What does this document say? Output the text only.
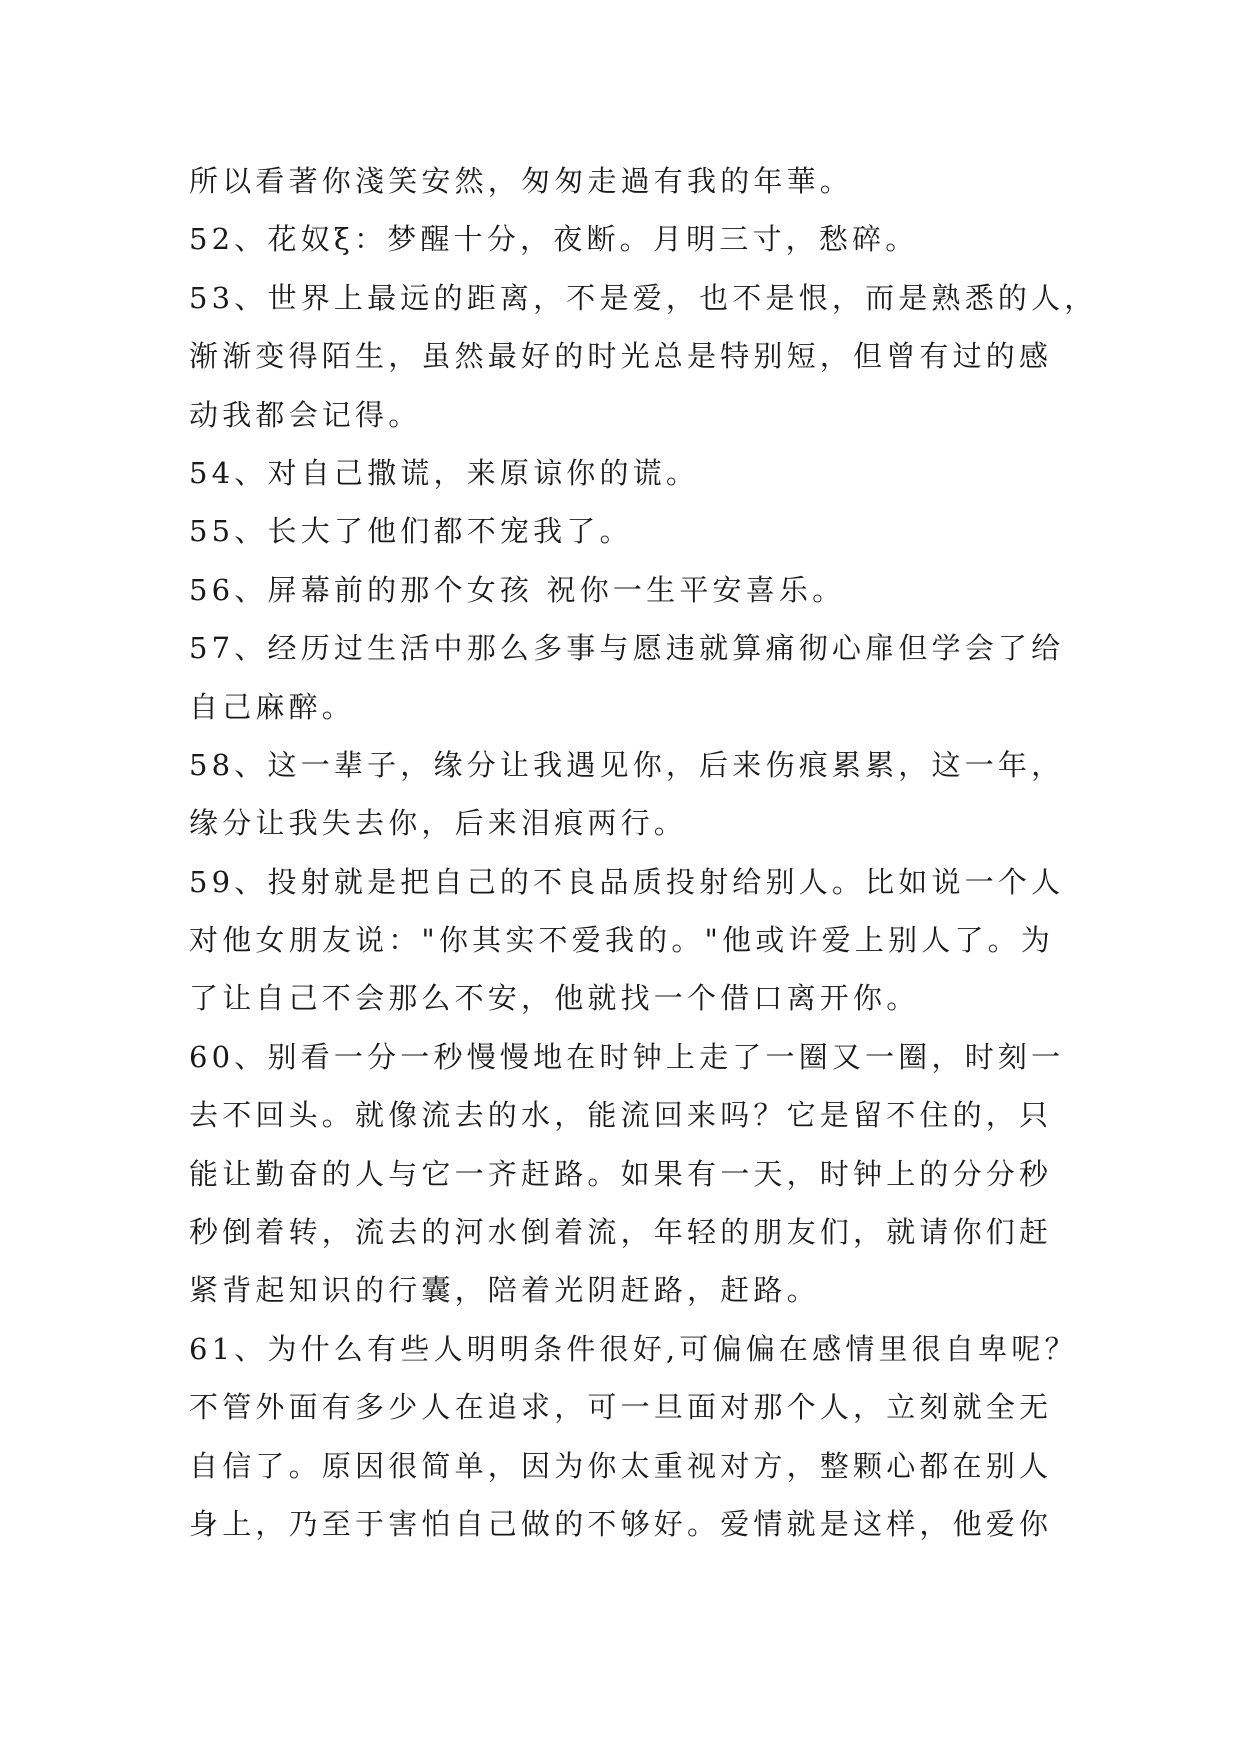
所以看著你淺笑安然，匆匆走過有我的年華。
52、花奴ξ：梦醒十分，夜断。月明三寸，愁碎。
53、世界上最远的距离，不是爱，也不是恨，而是熟悉的人，
渐渐变得陌生，虽然最好的时光总是特别短，但曾有过的感
动我都会记得。
54、对自己撒谎，来原谅你的谎。
55、长大了他们都不宠我了。
56、屏幕前的那个女孩 祝你一生平安喜乐。
57、经历过生活中那么多事与愿违就算痛彻心扉但学会了给
自己麻醉。
58、这一辈子，缘分让我遇见你，后来伤痕累累，这一年，
缘分让我失去你，后来泪痕两行。
59、投射就是把自己的不良品质投射给别人。比如说一个人
对他女朋友说："你其实不爱我的。"他或许爱上别人了。为
了让自己不会那么不安，他就找一个借口离开你。
60、别看一分一秒慢慢地在时钟上走了一圈又一圈，时刻一
去不回头。就像流去的水，能流回来吗？它是留不住的，只
能让勤奋的人与它一齐赶路。如果有一天，时钟上的分分秒
秒倒着转，流去的河水倒着流，年轻的朋友们，就请你们赶
紧背起知识的行囊，陪着光阴赶路，赶路。
61、为什么有些人明明条件很好,可偏偏在感情里很自卑呢？
不管外面有多少人在追求，可一旦面对那个人，立刻就全无
自信了。原因很简单，因为你太重视对方，整颗心都在别人
身上，乃至于害怕自己做的不够好。爱情就是这样，他爱你
